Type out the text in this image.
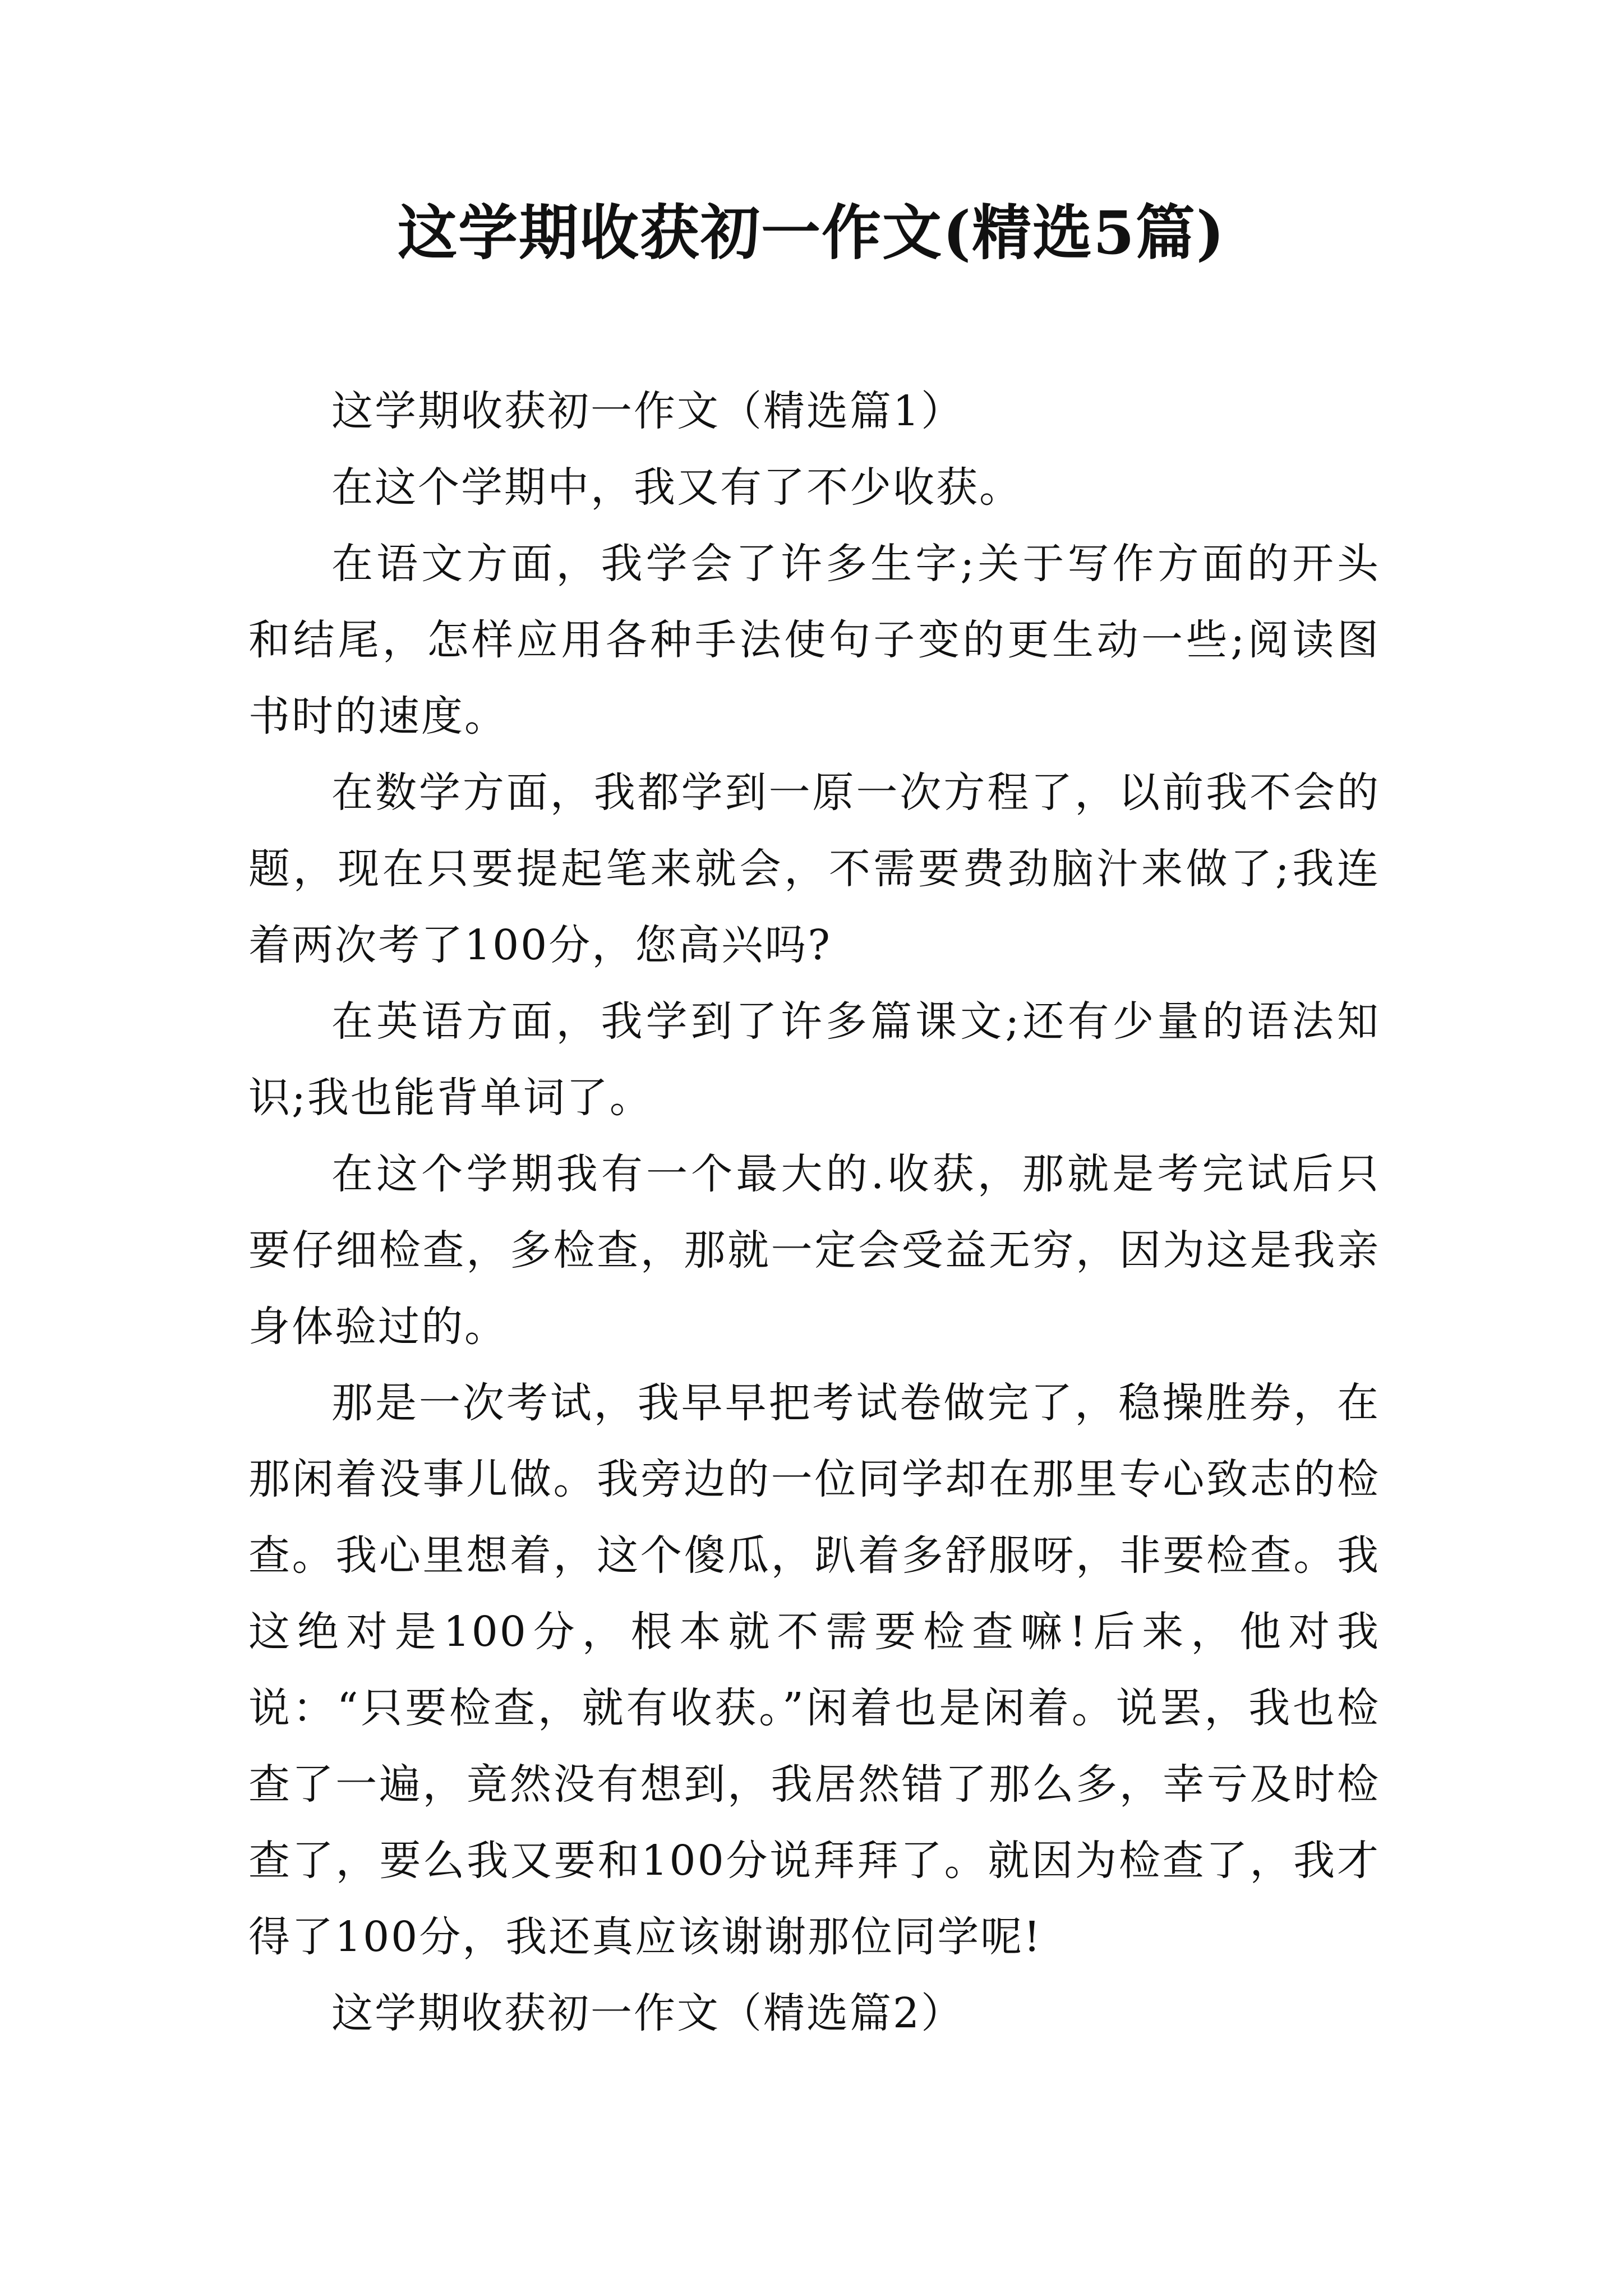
这学期收获初一作文(精选5篇)

这学期收获初一作文（精选篇1）

在这个学期中，我又有了不少收获。

在语文方面，我学会了许多生字;关于写作方面的开头和结尾，怎样应用各种手法使句子变的更生动一些;阅读图书时的速度。

在数学方面，我都学到一原一次方程了，以前我不会的题，现在只要提起笔来就会，不需要费劲脑汁来做了;我连着两次考了100分，您高兴吗?

在英语方面，我学到了许多篇课文;还有少量的语法知识;我也能背单词了。

在这个学期我有一个最大的.收获，那就是考完试后只要仔细检查，多检查，那就一定会受益无穷，因为这是我亲身体验过的。

那是一次考试，我早早把考试卷做完了，稳操胜券，在那闲着没事儿做。我旁边的一位同学却在那里专心致志的检查。我心里想着，这个傻瓜，趴着多舒服呀，非要检查。我这绝对是100分，根本就不需要检查嘛!后来，他对我说：“只要检查，就有收获。”闲着也是闲着。说罢，我也检查了一遍，竟然没有想到，我居然错了那么多，幸亏及时检查了，要么我又要和100分说拜拜了。就因为检查了，我才得了100分，我还真应该谢谢那位同学呢!

这学期收获初一作文（精选篇2）
